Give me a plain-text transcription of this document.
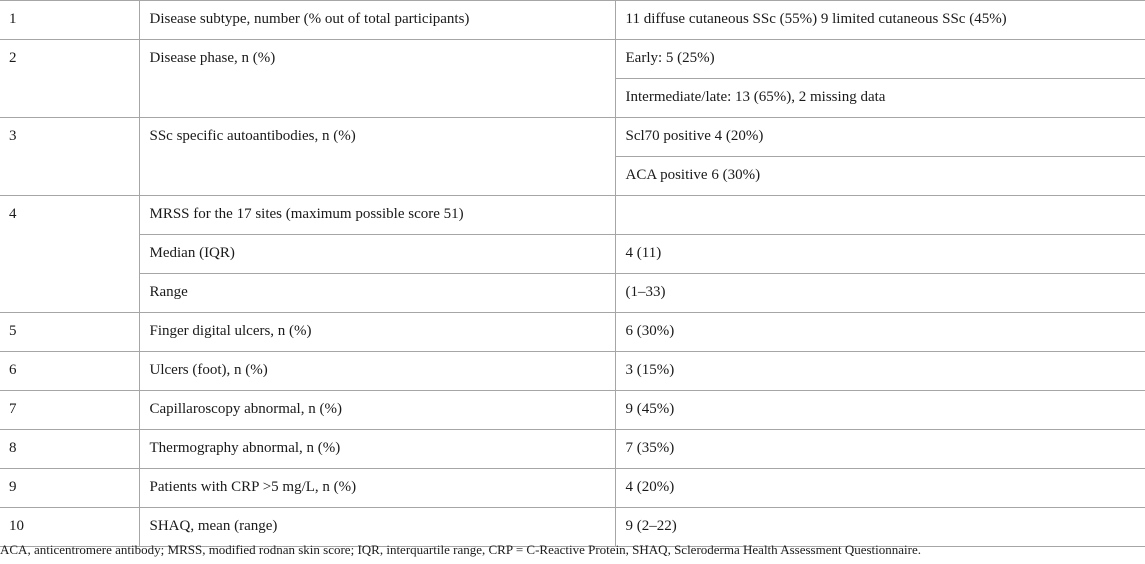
1	Disease subtype, number (% out of total participants)	11 diffuse cutaneous SSc (55%) 9 limited cutaneous SSc (45%)
2	Disease phase, n (%)	Early: 5 (25%)
		Intermediate/late: 13 (65%), 2 missing data
3	SSc specific autoantibodies, n (%)	Scl70 positive 4 (20%)
		ACA positive 6 (30%)
4	MRSS for the 17 sites (maximum possible score 51)	
	Median (IQR)	4 (11)
	Range	(1–33)
5	Finger digital ulcers, n (%)	6 (30%)
6	Ulcers (foot), n (%)	3 (15%)
7	Capillaroscopy abnormal, n (%)	9 (45%)
8	Thermography abnormal, n (%)	7 (35%)
9	Patients with CRP >5 mg/L, n (%)	4 (20%)
10	SHAQ, mean (range)	9 (2–22)
ACA, anticentromere antibody; MRSS, modified rodnan skin score; IQR, interquartile range, CRP = C-Reactive Protein, SHAQ, Scleroderma Health Assessment Questionnaire.
